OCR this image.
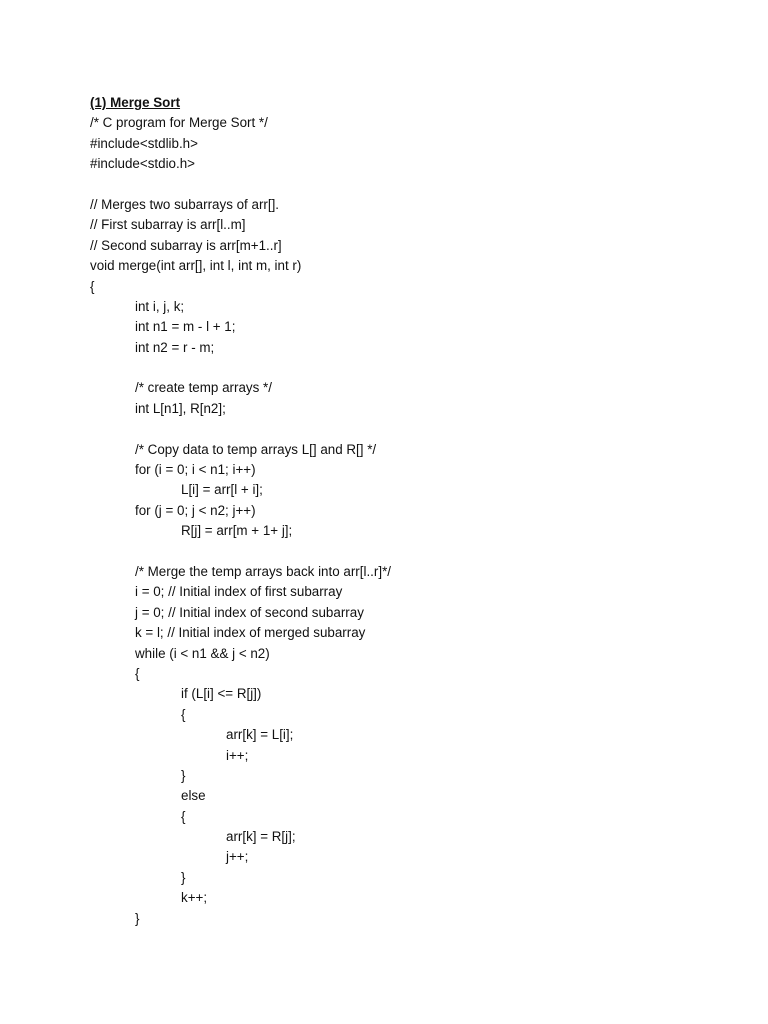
(1) Merge Sort
/* C program for Merge Sort */
#include<stdlib.h>
#include<stdio.h>
// Merges two subarrays of arr[].
// First subarray is arr[l..m]
// Second subarray is arr[m+1..r]
void merge(int arr[], int l, int m, int r)
{
int i, j, k;
int n1 = m - l + 1;
int n2 = r - m;
/* create temp arrays */
int L[n1], R[n2];
/* Copy data to temp arrays L[] and R[] */
for (i = 0; i < n1; i++)
L[i] = arr[l + i];
for (j = 0; j < n2; j++)
R[j] = arr[m + 1+ j];
/* Merge the temp arrays back into arr[l..r]*/
i = 0; // Initial index of first subarray
j = 0; // Initial index of second subarray
k = l; // Initial index of merged subarray
while (i < n1 && j < n2)
{
if (L[i] <= R[j])
{
arr[k] = L[i];
i++;
}
else
{
arr[k] = R[j];
j++;
}
k++;
}
